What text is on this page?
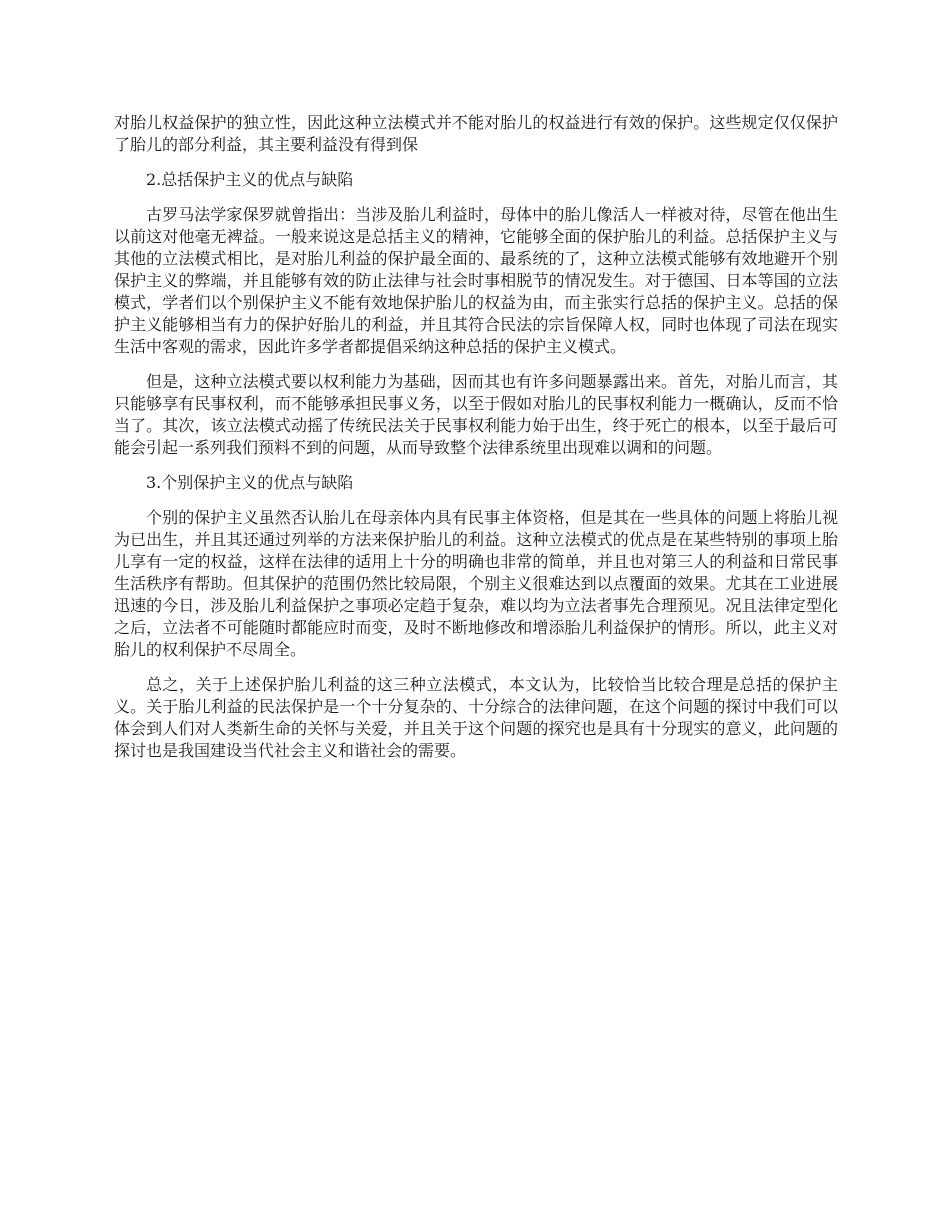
对胎儿权益保护的独立性，因此这种立法模式并不能对胎儿的权益进行有效的保护。这些规定仅仅保护了胎儿的部分利益，其主要利益没有得到保

2.总括保护主义的优点与缺陷

古罗马法学家保罗就曾指出：当涉及胎儿利益时，母体中的胎儿像活人一样被对待，尽管在他出生以前这对他毫无裨益。一般来说这是总括主义的精神，它能够全面的保护胎儿的利益。总括保护主义与其他的立法模式相比，是对胎儿利益的保护最全面的、最系统的了，这种立法模式能够有效地避开个别保护主义的弊端，并且能够有效的防止法律与社会时事相脱节的情况发生。对于德国、日本等国的立法模式，学者们以个别保护主义不能有效地保护胎儿的权益为由，而主张实行总括的保护主义。总括的保护主义能够相当有力的保护好胎儿的利益，并且其符合民法的宗旨保障人权，同时也体现了司法在现实生活中客观的需求，因此许多学者都提倡采纳这种总括的保护主义模式。

但是，这种立法模式要以权利能力为基础，因而其也有许多问题暴露出来。首先，对胎儿而言，其只能够享有民事权利，而不能够承担民事义务，以至于假如对胎儿的民事权利能力一概确认，反而不恰当了。其次，该立法模式动摇了传统民法关于民事权利能力始于出生，终于死亡的根本，以至于最后可能会引起一系列我们预料不到的问题，从而导致整个法律系统里出现难以调和的问题。

3.个别保护主义的优点与缺陷

个别的保护主义虽然否认胎儿在母亲体内具有民事主体资格，但是其在一些具体的问题上将胎儿视为已出生，并且其还通过列举的方法来保护胎儿的利益。这种立法模式的优点是在某些特别的事项上胎儿享有一定的权益，这样在法律的适用上十分的明确也非常的简单，并且也对第三人的利益和日常民事生活秩序有帮助。但其保护的范围仍然比较局限，个别主义很难达到以点覆面的效果。尤其在工业进展迅速的今日，涉及胎儿利益保护之事项必定趋于复杂，难以均为立法者事先合理预见。况且法律定型化之后，立法者不可能随时都能应时而变，及时不断地修改和增添胎儿利益保护的情形。所以，此主义对胎儿的权利保护不尽周全。

总之，关于上述保护胎儿利益的这三种立法模式，本文认为，比较恰当比较合理是总括的保护主义。关于胎儿利益的民法保护是一个十分复杂的、十分综合的法律问题，在这个问题的探讨中我们可以体会到人们对人类新生命的关怀与关爱，并且关于这个问题的探究也是具有十分现实的意义，此问题的探讨也是我国建设当代社会主义和谐社会的需要。
